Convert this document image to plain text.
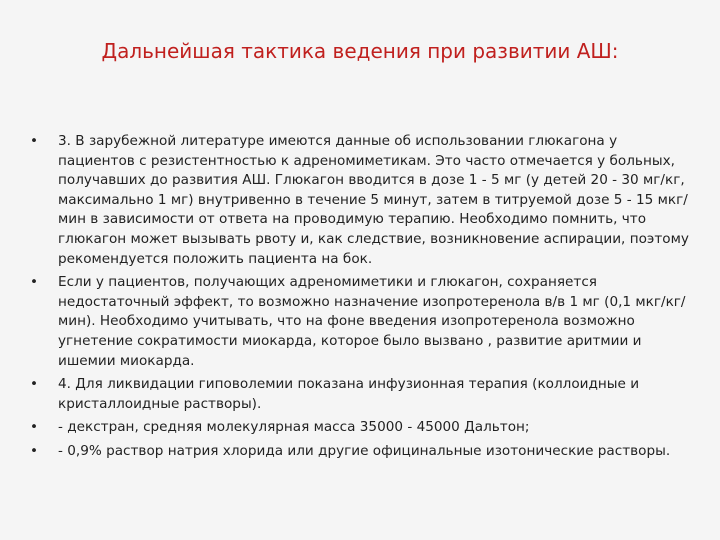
Дальнейшая тактика ведения при развитии АШ:
•	3. В зарубежной литературе имеются данные об использовании глюкагона у пациентов с резистентностью к адреномиметикам. Это часто отмечается у больных, получавших до развития АШ. Глюкагон вводится в дозе 1 - 5 мг (у детей 20 - 30 мг/кг, максимально 1 мг) внутривенно в течение 5 минут, затем в титруемой дозе 5 - 15 мкг/мин в зависимости от ответа на проводимую терапию. Необходимо помнить, что глюкагон может вызывать рвоту и, как следствие, возникновение аспирации, поэтому рекомендуется положить пациента на бок.
•	Если у пациентов, получающих адреномиметики и глюкагон, сохраняется недостаточный эффект, то возможно назначение изопротеренола в/в 1 мг (0,1 мкг/кг/мин). Необходимо учитывать, что на фоне введения изопротеренола возможно угнетение сократимости миокарда, которое было вызвано , развитие аритмии и ишемии миокарда.
•	4. Для ликвидации гиповолемии показана инфузионная терапия (коллоидные и кристаллоидные растворы).
•	- декстран, средняя молекулярная масса 35000 - 45000 Дальтон;
•	- 0,9% раствор натрия хлорида или другие официнальные изотонические растворы.
